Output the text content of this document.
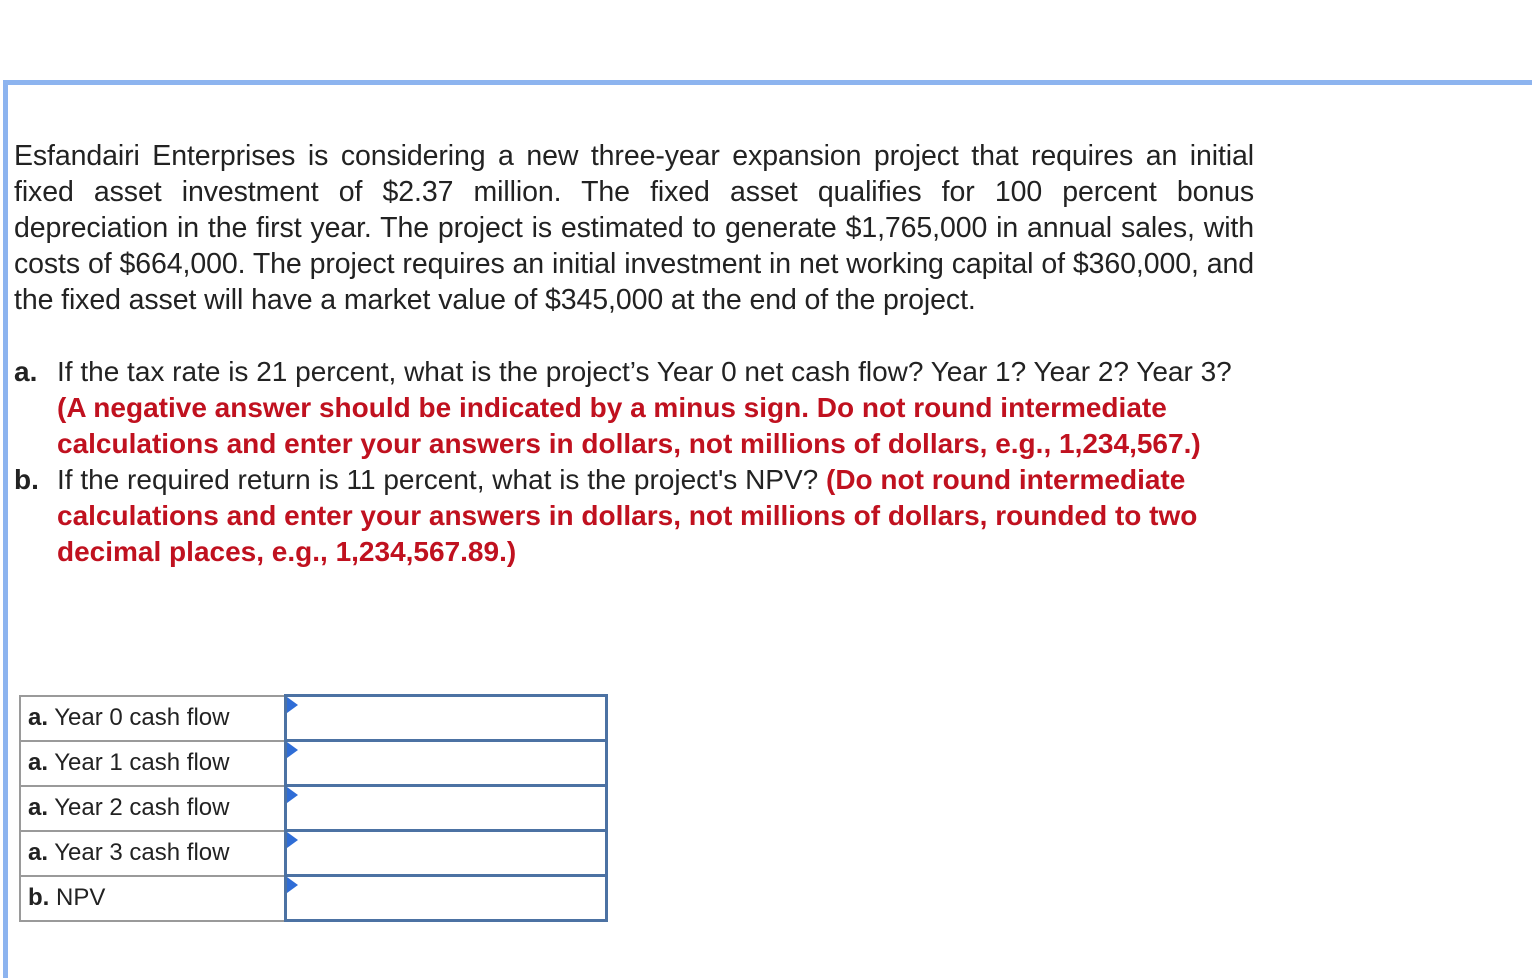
Esfandairi Enterprises is considering a new three-year expansion project that requires an initial fixed asset investment of $2.37 million. The fixed asset qualifies for 100 percent bonus depreciation in the first year. The project is estimated to generate $1,765,000 in annual sales, with costs of $664,000. The project requires an initial investment in net working capital of $360,000, and the fixed asset will have a market value of $345,000 at the end of the project.

a. If the tax rate is 21 percent, what is the project’s Year 0 net cash flow? Year 1? Year 2? Year 3? (A negative answer should be indicated by a minus sign. Do not round intermediate calculations and enter your answers in dollars, not millions of dollars, e.g., 1,234,567.)
b. If the required return is 11 percent, what is the project's NPV? (Do not round intermediate calculations and enter your answers in dollars, not millions of dollars, rounded to two decimal places, e.g., 1,234,567.89.)
a. Year 0 cash flow	

a. Year 1 cash flow	

a. Year 2 cash flow	

a. Year 3 cash flow	

b. NPV	
